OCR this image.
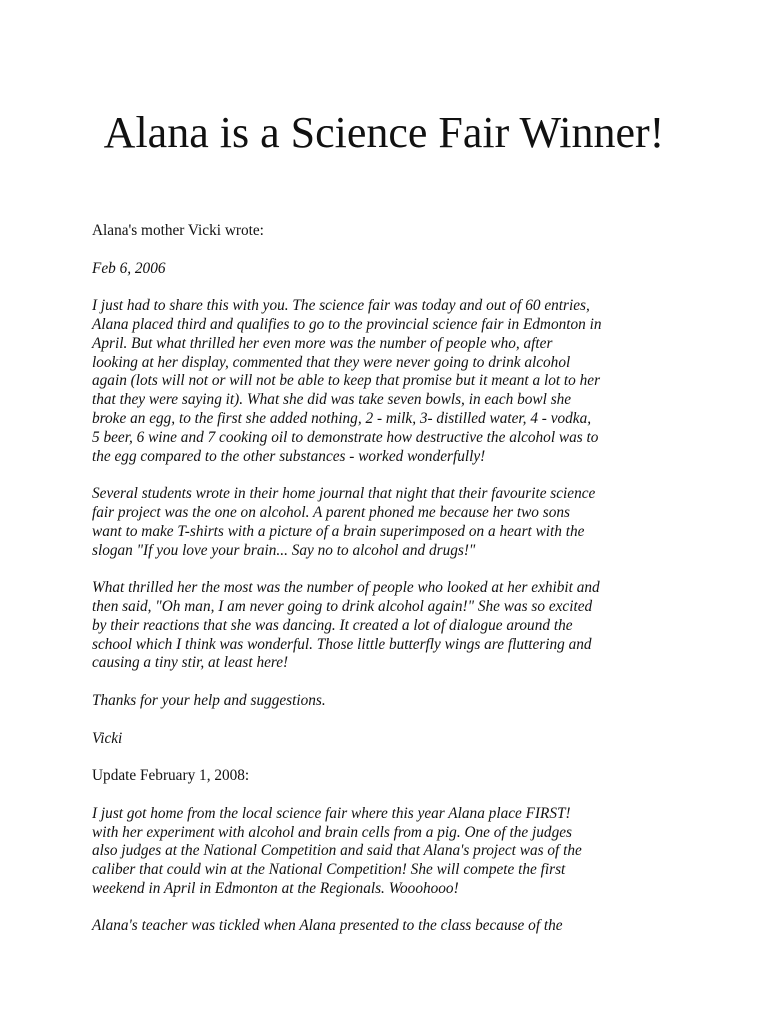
Alana is a Science Fair Winner!

Alana's mother Vicki wrote:

Feb 6, 2006

I just had to share this with you. The science fair was today and out of 60 entries,
Alana placed third and qualifies to go to the provincial science fair in Edmonton in
April. But what thrilled her even more was the number of people who, after
looking at her display, commented that they were never going to drink alcohol
again (lots will not or will not be able to keep that promise but it meant a lot to her
that they were saying it). What she did was take seven bowls, in each bowl she
broke an egg, to the first she added nothing, 2 - milk, 3- distilled water, 4 - vodka,
5 beer, 6 wine and 7 cooking oil to demonstrate how destructive the alcohol was to
the egg compared to the other substances - worked wonderfully!

Several students wrote in their home journal that night that their favourite science
fair project was the one on alcohol. A parent phoned me because her two sons
want to make T-shirts with a picture of a brain superimposed on a heart with the
slogan "If you love your brain... Say no to alcohol and drugs!"

What thrilled her the most was the number of people who looked at her exhibit and
then said, "Oh man, I am never going to drink alcohol again!" She was so excited
by their reactions that she was dancing. It created a lot of dialogue around the
school which I think was wonderful. Those little butterfly wings are fluttering and
causing a tiny stir, at least here!

Thanks for your help and suggestions.

Vicki

Update February 1, 2008:

I just got home from the local science fair where this year Alana place FIRST!
with her experiment with alcohol and brain cells from a pig. One of the judges
also judges at the National Competition and said that Alana's project was of the
caliber that could win at the National Competition! She will compete the first
weekend in April in Edmonton at the Regionals. Wooohooo!

Alana's teacher was tickled when Alana presented to the class because of the
